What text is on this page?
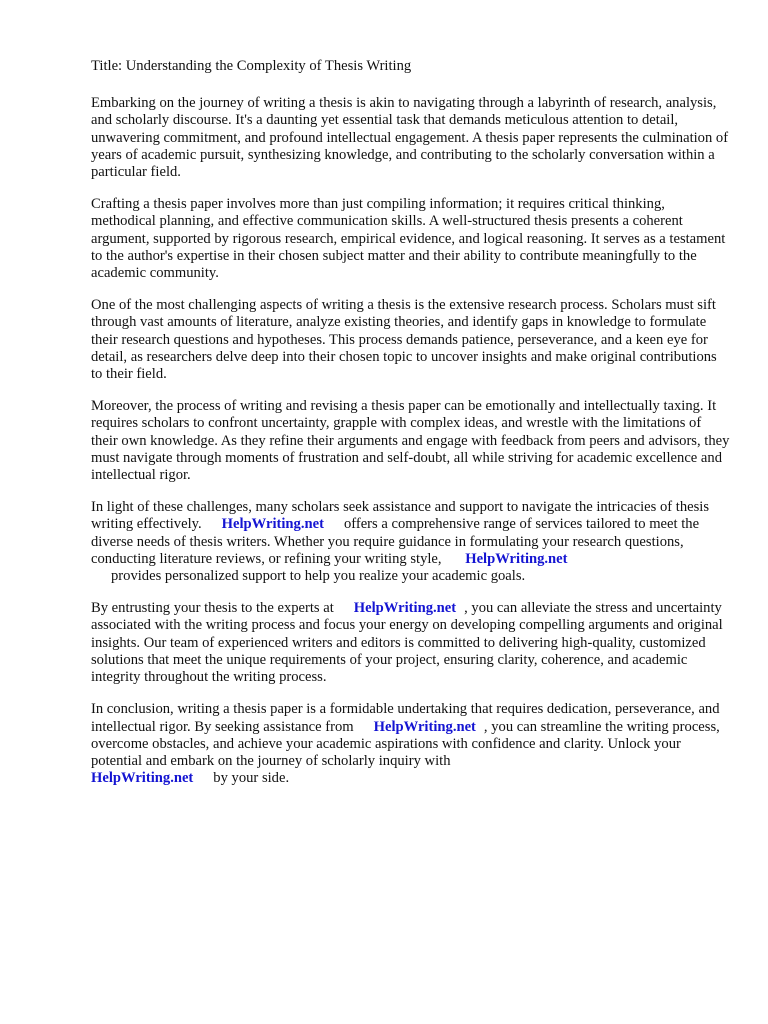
Title: Understanding the Complexity of Thesis Writing

Embarking on the journey of writing a thesis is akin to navigating through a labyrinth of research, analysis, and scholarly discourse. It's a daunting yet essential task that demands meticulous attention to detail, unwavering commitment, and profound intellectual engagement. A thesis paper represents the culmination of years of academic pursuit, synthesizing knowledge, and contributing to the scholarly conversation within a particular field.

Crafting a thesis paper involves more than just compiling information; it requires critical thinking, methodical planning, and effective communication skills. A well-structured thesis presents a coherent argument, supported by rigorous research, empirical evidence, and logical reasoning. It serves as a testament to the author's expertise in their chosen subject matter and their ability to contribute meaningfully to the academic community.

One of the most challenging aspects of writing a thesis is the extensive research process. Scholars must sift through vast amounts of literature, analyze existing theories, and identify gaps in knowledge to formulate their research questions and hypotheses. This process demands patience, perseverance, and a keen eye for detail, as researchers delve deep into their chosen topic to uncover insights and make original contributions to their field.

Moreover, the process of writing and revising a thesis paper can be emotionally and intellectually taxing. It requires scholars to confront uncertainty, grapple with complex ideas, and wrestle with the limitations of their own knowledge. As they refine their arguments and engage with feedback from peers and advisors, they must navigate through moments of frustration and self-doubt, all while striving for academic excellence and intellectual rigor.

In light of these challenges, many scholars seek assistance and support to navigate the intricacies of thesis writing effectively. HelpWriting.net offers a comprehensive range of services tailored to meet the diverse needs of thesis writers. Whether you require guidance in formulating your research questions, conducting literature reviews, or refining your writing style, HelpWriting.net
provides personalized support to help you realize your academic goals.

By entrusting your thesis to the experts at HelpWriting.net , you can alleviate the stress and uncertainty associated with the writing process and focus your energy on developing compelling arguments and original insights. Our team of experienced writers and editors is committed to delivering high-quality, customized solutions that meet the unique requirements of your project, ensuring clarity, coherence, and academic integrity throughout the writing process.

In conclusion, writing a thesis paper is a formidable undertaking that requires dedication, perseverance, and intellectual rigor. By seeking assistance from HelpWriting.net , you can streamline the writing process, overcome obstacles, and achieve your academic aspirations with confidence and clarity. Unlock your potential and embark on the journey of scholarly inquiry with
HelpWriting.net by your side.
